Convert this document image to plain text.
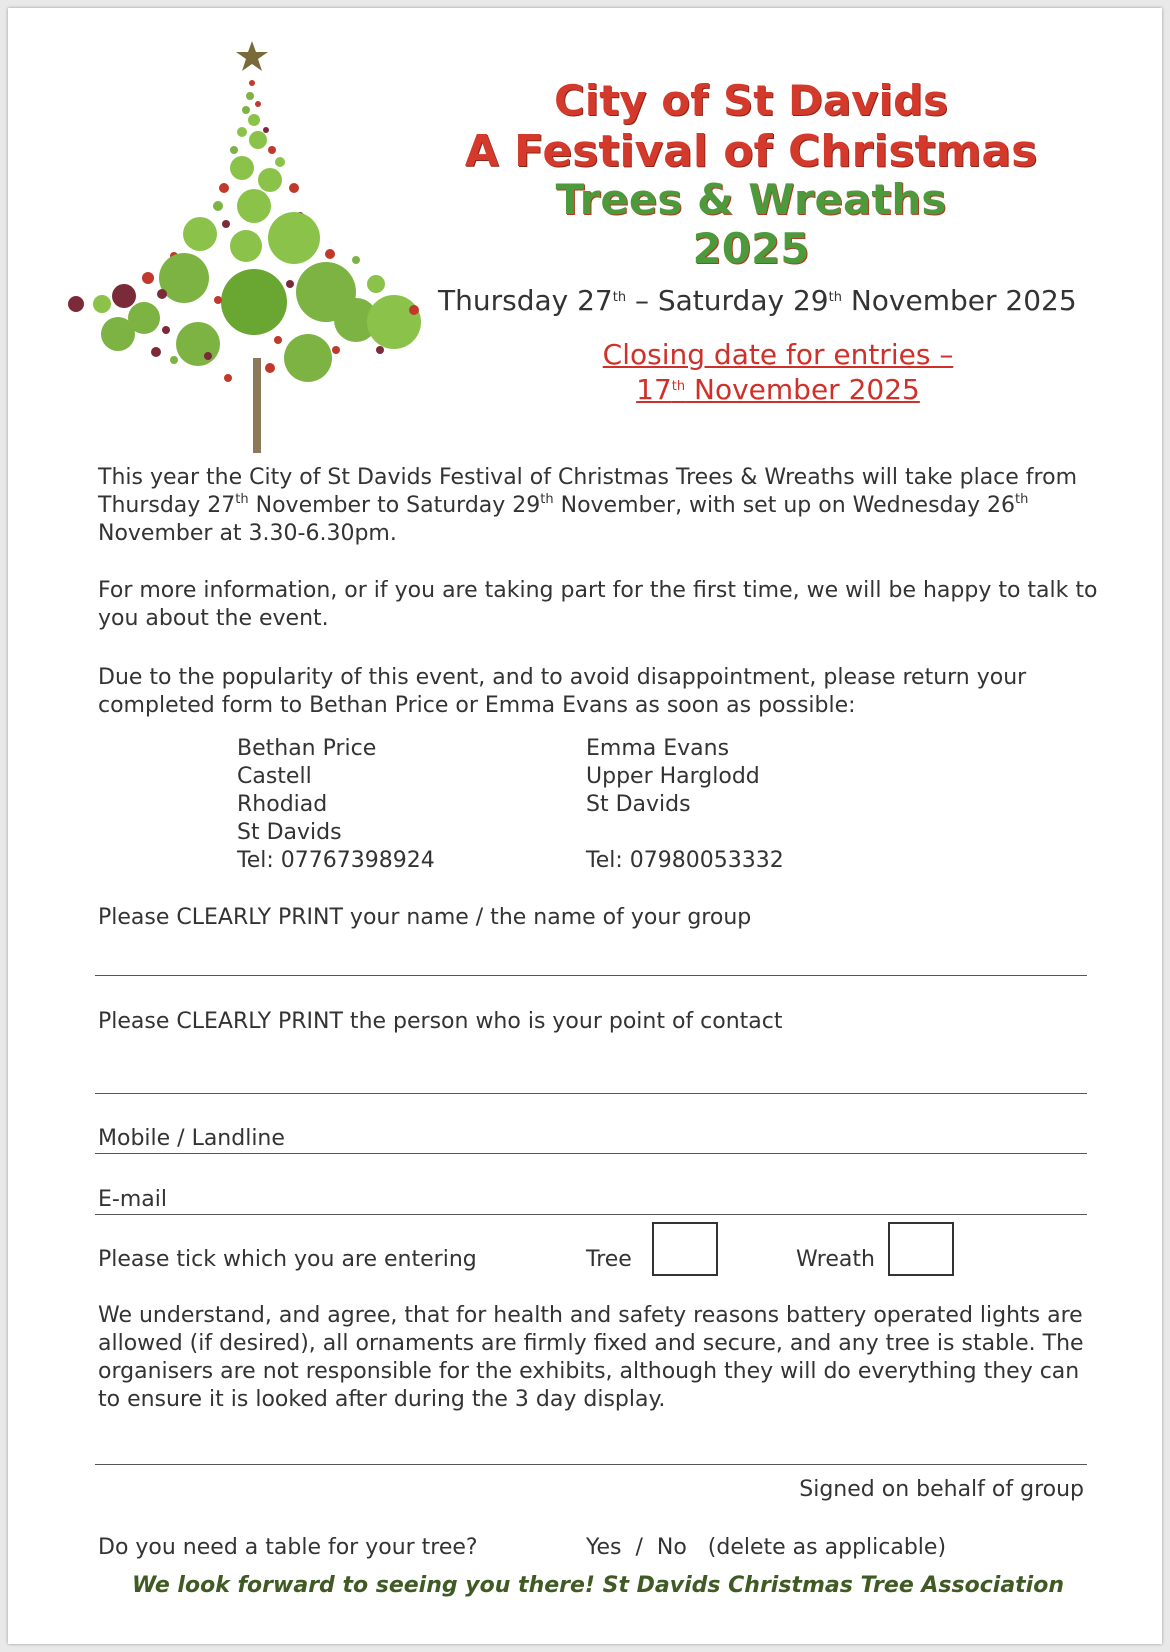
City of St Davids
A Festival of Christmas
Trees & Wreaths
2025
Thursday 27th – Saturday 29th November 2025
Closing date for entries –
17th November 2025
This year the City of St Davids Festival of Christmas Trees & Wreaths will take place from Thursday 27th November to Saturday 29th November, with set up on Wednesday 26th November at 3.30-6.30pm.
For more information, or if you are taking part for the first time, we will be happy to talk to you about the event.
Due to the popularity of this event, and to avoid disappointment, please return your completed form to Bethan Price or Emma Evans as soon as possible:
Bethan Price
Castell
Rhodiad
St Davids
Tel: 07767398924
Emma Evans
Upper Harglodd
St Davids
Tel: 07980053332
Please CLEARLY PRINT your name / the name of your group
Please CLEARLY PRINT the person who is your point of contact
Mobile / Landline
E-mail
Please tick which you are entering	Tree	Wreath
We understand, and agree, that for health and safety reasons battery operated lights are allowed (if desired), all ornaments are firmly fixed and secure, and any tree is stable. The organisers are not responsible for the exhibits, although they will do everything they can to ensure it is looked after during the 3 day display.
Signed on behalf of group
Do you need a table for your tree?	Yes  /  No   (delete as applicable)
We look forward to seeing you there! St Davids Christmas Tree Association
